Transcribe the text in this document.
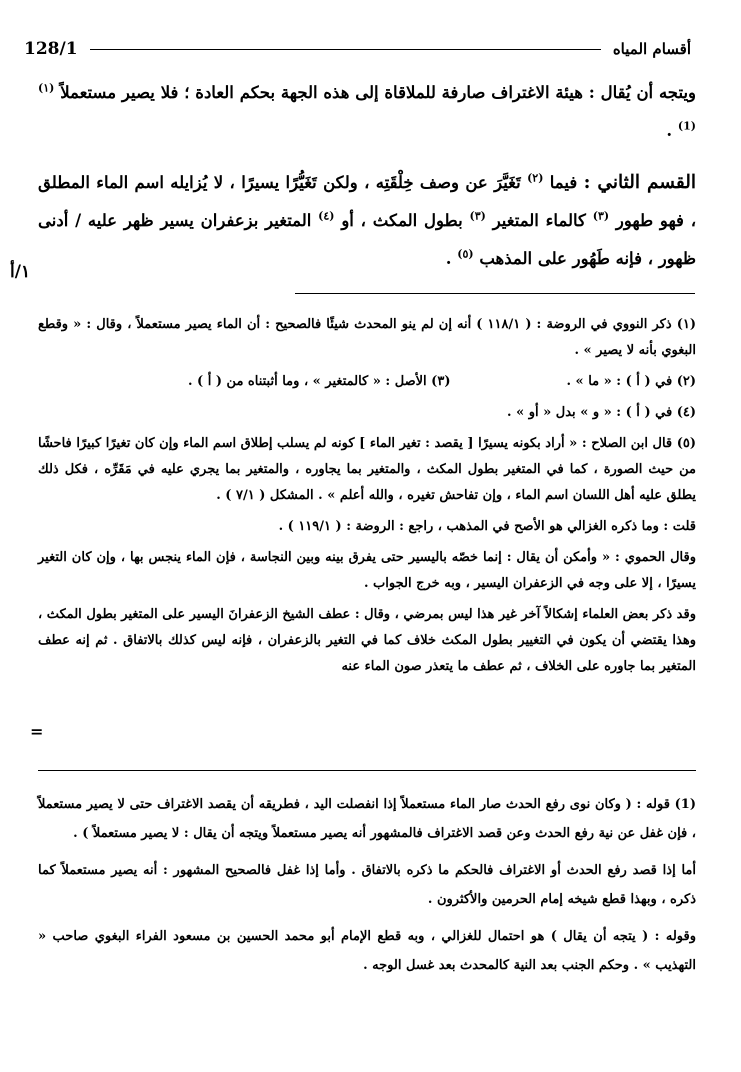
128/1	أقسام المياه
١/أ

ويتجه أن يُقال : هيئة الاغتراف صارفة للملاقاة إلى هذه الجهة بحكم العادة ؛ فلا يصير مستعملاً $^{(١) (1)}$ .

القسم الثاني : فيما $^{(٢)}$ تَغَيَّرَ عن وصف خِلْقَتِه ، ولكن تَغَيُّرًا يسيرًا ، لا يُزايله اسم الماء المطلق ، فهو طهور $^{(٣)}$ كالماء المتغير $^{(٣)}$ بطول المكث ، أو $^{(٤)}$ المتغير بزعفران يسير ظهر عليه / أدنى ظهور ، فإنه طَهُور على المذهب $^{(٥)}$ .

(١) ذكر النووي في الروضة : ( ١١٨/١ ) أنه إن لم ينو المحدث شيئًا فالصحيح : أن الماء يصير مستعملاً ، وقال : « وقطع البغوي بأنه لا يصير » .

(٢) في ( أ ) : « ما » .
(٣) الأصل : « كالمتغير » ، وما أثبتناه من ( أ ) .

(٤) في ( أ ) : « و » بدل « أو » .

(٥) قال ابن الصلاح : « أراد بكونه يسيرًا [ يقصد : تغير الماء ] كونه لم يسلب إطلاق اسم الماء وإن كان تغيرًا كبيرًا فاحشًا من حيث الصورة ، كما في المتغير بطول المكث ، والمتغير بما يجاوره ، والمتغير بما يجري عليه في مَقَرِّه ، فكل ذلك يطلق عليه أهل اللسان اسم الماء ، وإن تفاحش تغيره ، والله أعلم » . المشكل ( ٧/١ ) .

قلت : وما ذكره الغزالي هو الأصح في المذهب ، راجع : الروضة : ( ١١٩/١ ) .

وقال الحموي : « وأمكن أن يقال : إنما خصّه باليسير حتى يفرق بينه وبين النجاسة ، فإن الماء ينجس بها ، وإن كان التغير يسيرًا ، إلا على وجه في الزعفران اليسير ، وبه خرج الجواب .

وقد ذكر بعض العلماء إشكالاً آخر غير هذا ليس بمرضي ، وقال : عطف الشيخ الزعفرانَ اليسير على المتغير بطول المكث ، وهذا يقتضي أن يكون في التغيير بطول المكث خلاف كما في التغير بالزعفران ، فإنه ليس كذلك بالاتفاق . ثم إنه عطف المتغير بما جاوره على الخلاف ، ثم عطف ما يتعذر صون الماء عنه

=

(1) قوله : ( وكان نوى رفع الحدث صار الماء مستعملاً إذا انفصلت اليد ، فطريقه أن يقصد الاغتراف حتى لا يصير مستعملاً ، فإن غفل عن نية رفع الحدث وعن قصد الاغتراف فالمشهور أنه يصير مستعملاً ويتجه أن يقال : لا يصير مستعملاً ) .

أما إذا قصد رفع الحدث أو الاغتراف فالحكم ما ذكره بالاتفاق . وأما إذا غفل فالصحيح المشهور : أنه يصير مستعملاً كما ذكره ، وبهذا قطع شيخه إمام الحرمين والأكثرون .

وقوله : ( يتجه أن يقال ) هو احتمال للغزالي ، وبه قطع الإمام أبو محمد الحسين بن مسعود الفراء البغوي صاحب « التهذيب » . وحكم الجنب بعد النية كالمحدث بعد غسل الوجه .
